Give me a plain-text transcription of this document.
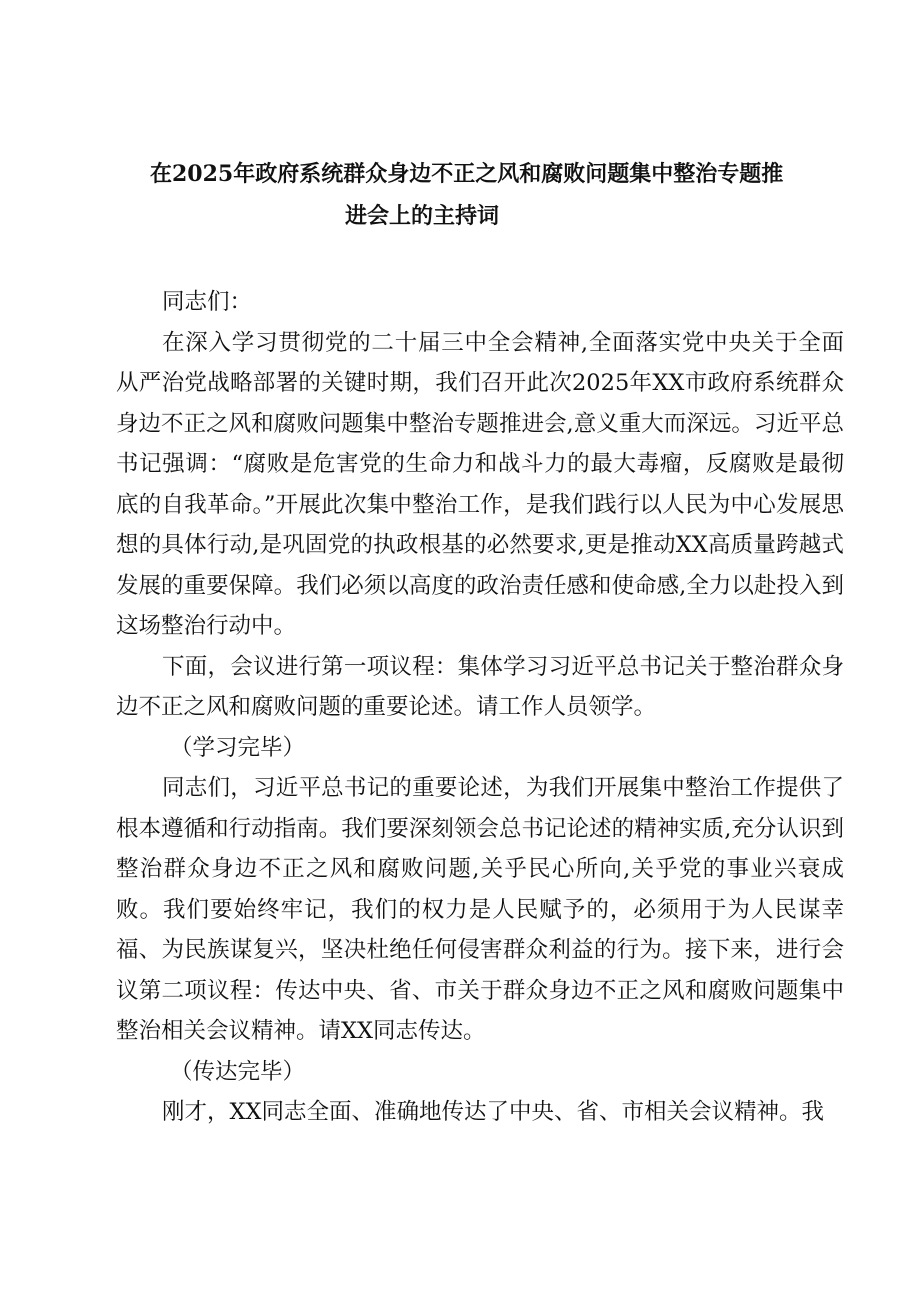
在2025年政府系统群众身边不正之风和腐败问题集中整治专题推
进会上的主持词

同志们：

在深入学习贯彻党的二十届三中全会精神,全面落实党中央关于全面从严治党战略部署的关键时期，我们召开此次2025年XX市政府系统群众身边不正之风和腐败问题集中整治专题推进会,意义重大而深远。习近平总书记强调：“腐败是危害党的生命力和战斗力的最大毒瘤，反腐败是最彻底的自我革命。”开展此次集中整治工作，是我们践行以人民为中心发展思想的具体行动,是巩固党的执政根基的必然要求,更是推动XX高质量跨越式发展的重要保障。我们必须以高度的政治责任感和使命感,全力以赴投入到这场整治行动中。

下面，会议进行第一项议程：集体学习习近平总书记关于整治群众身边不正之风和腐败问题的重要论述。请工作人员领学。

（学习完毕）

同志们，习近平总书记的重要论述，为我们开展集中整治工作提供了根本遵循和行动指南。我们要深刻领会总书记论述的精神实质,充分认识到整治群众身边不正之风和腐败问题,关乎民心所向,关乎党的事业兴衰成败。我们要始终牢记，我们的权力是人民赋予的，必须用于为人民谋幸福、为民族谋复兴，坚决杜绝任何侵害群众利益的行为。接下来，进行会议第二项议程：传达中央、省、市关于群众身边不正之风和腐败问题集中整治相关会议精神。请XX同志传达。

（传达完毕）

刚才，XX同志全面、准确地传达了中央、省、市相关会议精神。我
